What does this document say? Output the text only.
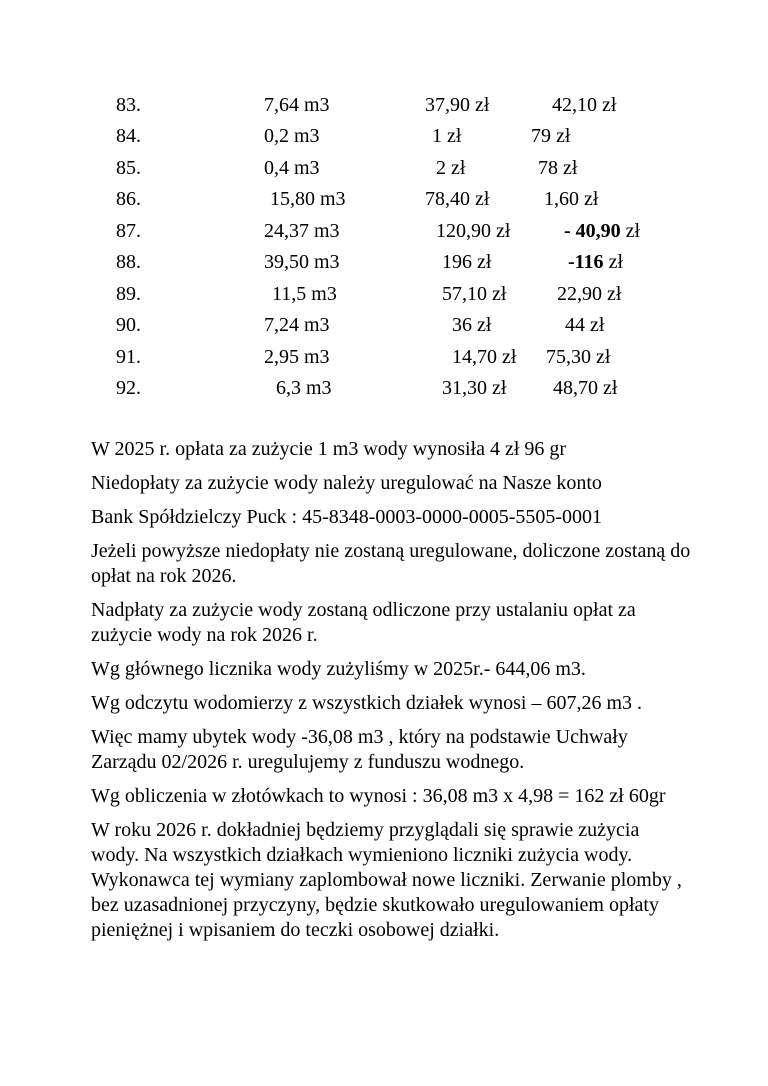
83.	7,64 m3	37,90 zł	42,10 zł
84.	0,2 m3	1 zł	79 zł
85.	0,4 m3	2 zł	78 zł
86.	15,80 m3	78,40 zł	1,60 zł
87.	24,37 m3	120,90 zł	- 40,90 zł
88.	39,50 m3	196 zł	-116 zł
89.	11,5 m3	57,10 zł	22,90 zł
90.	7,24 m3	36 zł	44 zł
91.	2,95 m3	14,70 zł 75,30 zł
92.	6,3 m3	31,30 zł 48,70 zł

W 2025 r. opłata za zużycie 1 m3 wody wynosiła 4 zł 96 gr

Niedopłaty za zużycie wody należy uregulować na Nasze konto

Bank Spółdzielczy Puck : 45-8348-0003-0000-0005-5505-0001

Jeżeli powyższe niedopłaty nie zostaną uregulowane, doliczone zostaną do opłat na rok 2026.

Nadpłaty za zużycie wody zostaną odliczone przy ustalaniu opłat za zużycie wody na rok 2026 r.

Wg głównego licznika wody zużyliśmy w 2025r.- 644,06 m3.

Wg odczytu wodomierzy z wszystkich działek wynosi – 607,26 m3 .

Więc mamy ubytek wody -36,08 m3 , który na podstawie Uchwały Zarządu 02/2026 r. uregulujemy z funduszu wodnego.

Wg obliczenia w złotówkach to wynosi : 36,08 m3 x 4,98 = 162 zł 60gr

W roku 2026 r. dokładniej będziemy przyglądali się sprawie zużycia wody. Na wszystkich działkach wymieniono liczniki zużycia wody. Wykonawca tej wymiany zaplombował nowe liczniki. Zerwanie plomby , bez uzasadnionej przyczyny, będzie skutkowało uregulowaniem opłaty pieniężnej i wpisaniem do teczki osobowej działki.
